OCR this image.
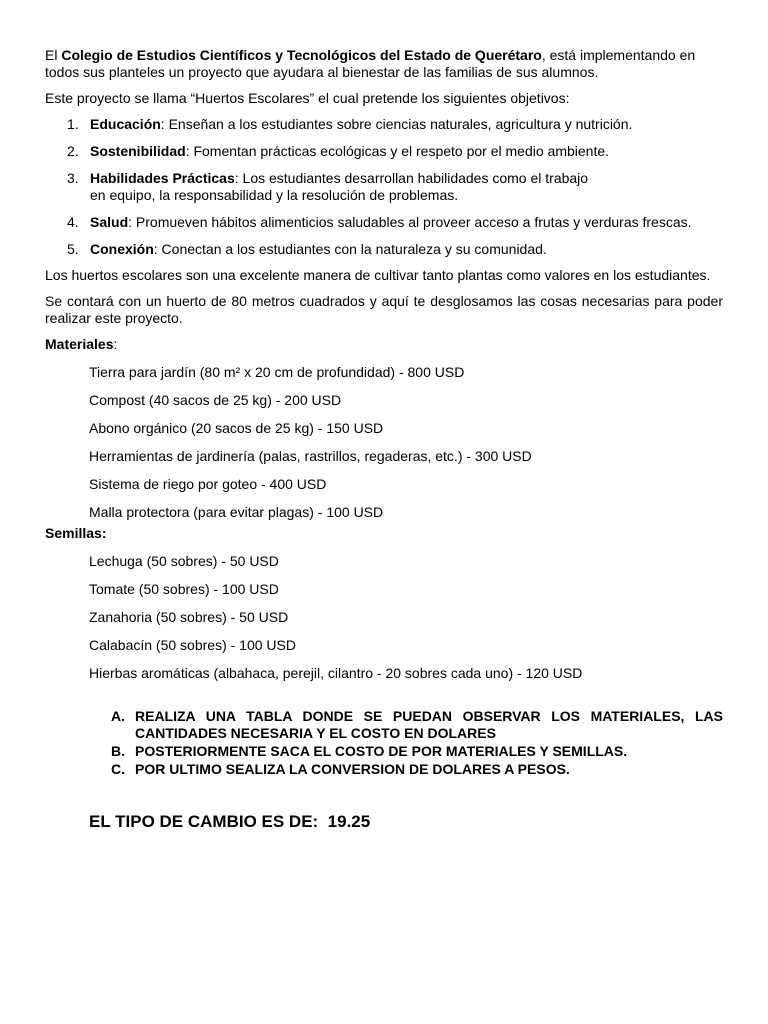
El Colegio de Estudios Científicos y Tecnológicos del Estado de Querétaro, está implementando en todos sus planteles un proyecto que ayudara al bienestar de las familias de sus alumnos.

Este proyecto se llama “Huertos Escolares” el cual pretende los siguientes objetivos:

1. Educación: Enseñan a los estudiantes sobre ciencias naturales, agricultura y nutrición.
2. Sostenibilidad: Fomentan prácticas ecológicas y el respeto por el medio ambiente.
3. Habilidades Prácticas: Los estudiantes desarrollan habilidades como el trabajo en equipo, la responsabilidad y la resolución de problemas.
4. Salud: Promueven hábitos alimenticios saludables al proveer acceso a frutas y verduras frescas.
5. Conexión: Conectan a los estudiantes con la naturaleza y su comunidad.

Los huertos escolares son una excelente manera de cultivar tanto plantas como valores en los estudiantes.

Se contará con un huerto de 80 metros cuadrados y aquí te desglosamos las cosas necesarias para poder realizar este proyecto.

Materiales:

Tierra para jardín (80 m² x 20 cm de profundidad) - 800 USD
Compost (40 sacos de 25 kg) - 200 USD
Abono orgánico (20 sacos de 25 kg) - 150 USD
Herramientas de jardinería (palas, rastrillos, regaderas, etc.) - 300 USD
Sistema de riego por goteo - 400 USD
Malla protectora (para evitar plagas) - 100 USD

Semillas:

Lechuga (50 sobres) - 50 USD
Tomate (50 sobres) - 100 USD
Zanahoria (50 sobres) - 50 USD
Calabacín (50 sobres) - 100 USD
Hierbas aromáticas (albahaca, perejil, cilantro - 20 sobres cada uno) - 120 USD
A. REALIZA UNA TABLA DONDE SE PUEDAN OBSERVAR LOS MATERIALES, LAS CANTIDADES NECESARIA Y EL COSTO EN DOLARES
B. POSTERIORMENTE SACA EL COSTO DE POR MATERIALES Y SEMILLAS.
C. POR ULTIMO SEALIZA LA CONVERSION DE DOLARES A PESOS.

EL TIPO DE CAMBIO ES DE: 19.25
